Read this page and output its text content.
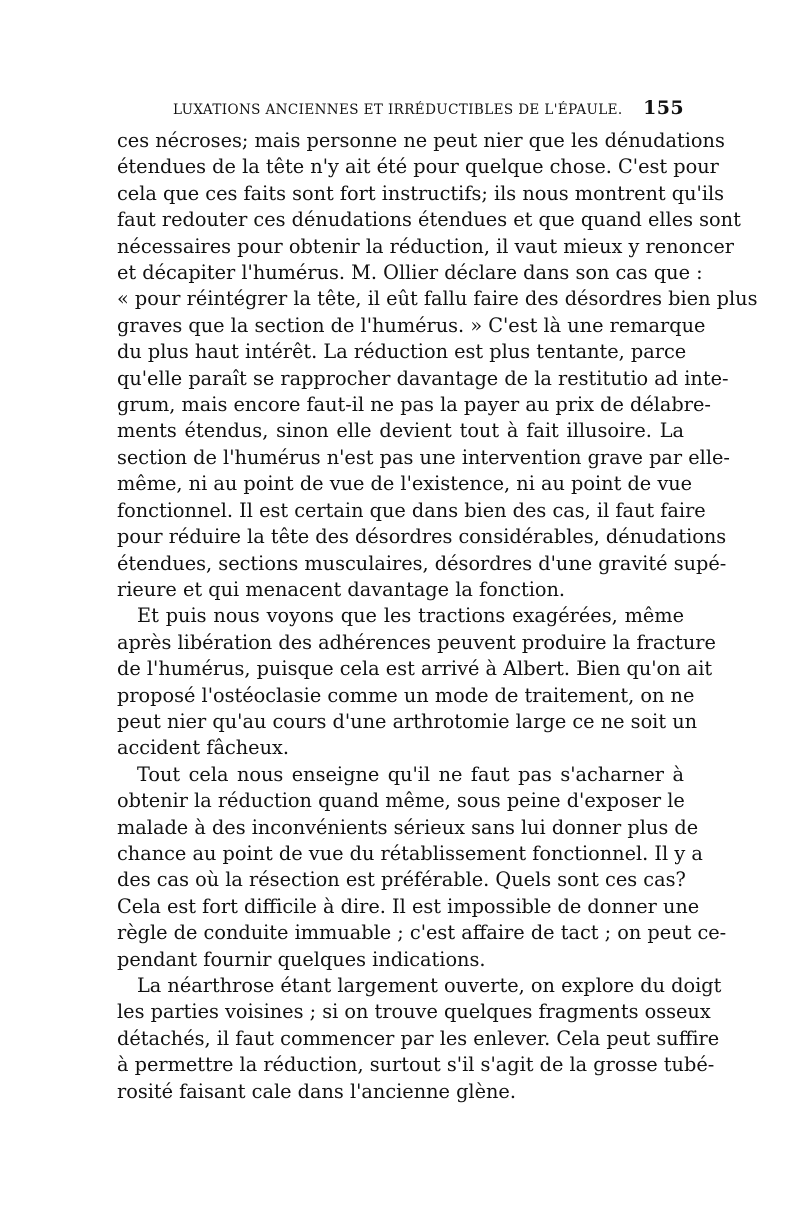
LUXATIONS ANCIENNES ET IRRÉDUCTIBLES DE L'ÉPAULE. 155
ces nécroses; mais personne ne peut nier que les dénudations
étendues de la tête n'y ait été pour quelque chose. C'est pour
cela que ces faits sont fort instructifs; ils nous montrent qu'ils
faut redouter ces dénudations étendues et que quand elles sont
nécessaires pour obtenir la réduction, il vaut mieux y renoncer
et décapiter l'humérus. M. Ollier déclare dans son cas que :
« pour réintégrer la tête, il eût fallu faire des désordres bien plus
graves que la section de l'humérus. » C'est là une remarque
du plus haut intérêt. La réduction est plus tentante, parce
qu'elle paraît se rapprocher davantage de la restitutio ad inte-
grum, mais encore faut-il ne pas la payer au prix de délabre-
ments étendus, sinon elle devient tout à fait illusoire. La
section de l'humérus n'est pas une intervention grave par elle-
même, ni au point de vue de l'existence, ni au point de vue
fonctionnel. Il est certain que dans bien des cas, il faut faire
pour réduire la tête des désordres considérables, dénudations
étendues, sections musculaires, désordres d'une gravité supé-
rieure et qui menacent davantage la fonction.
Et puis nous voyons que les tractions exagérées, même
après libération des adhérences peuvent produire la fracture
de l'humérus, puisque cela est arrivé à Albert. Bien qu'on ait
proposé l'ostéoclasie comme un mode de traitement, on ne
peut nier qu'au cours d'une arthrotomie large ce ne soit un
accident fâcheux.
Tout cela nous enseigne qu'il ne faut pas s'acharner à
obtenir la réduction quand même, sous peine d'exposer le
malade à des inconvénients sérieux sans lui donner plus de
chance au point de vue du rétablissement fonctionnel. Il y a
des cas où la résection est préférable. Quels sont ces cas?
Cela est fort difficile à dire. Il est impossible de donner une
règle de conduite immuable ; c'est affaire de tact ; on peut ce-
pendant fournir quelques indications.
La néarthrose étant largement ouverte, on explore du doigt
les parties voisines ; si on trouve quelques fragments osseux
détachés, il faut commencer par les enlever. Cela peut suffire
à permettre la réduction, surtout s'il s'agit de la grosse tubé-
rosité faisant cale dans l'ancienne glène.
